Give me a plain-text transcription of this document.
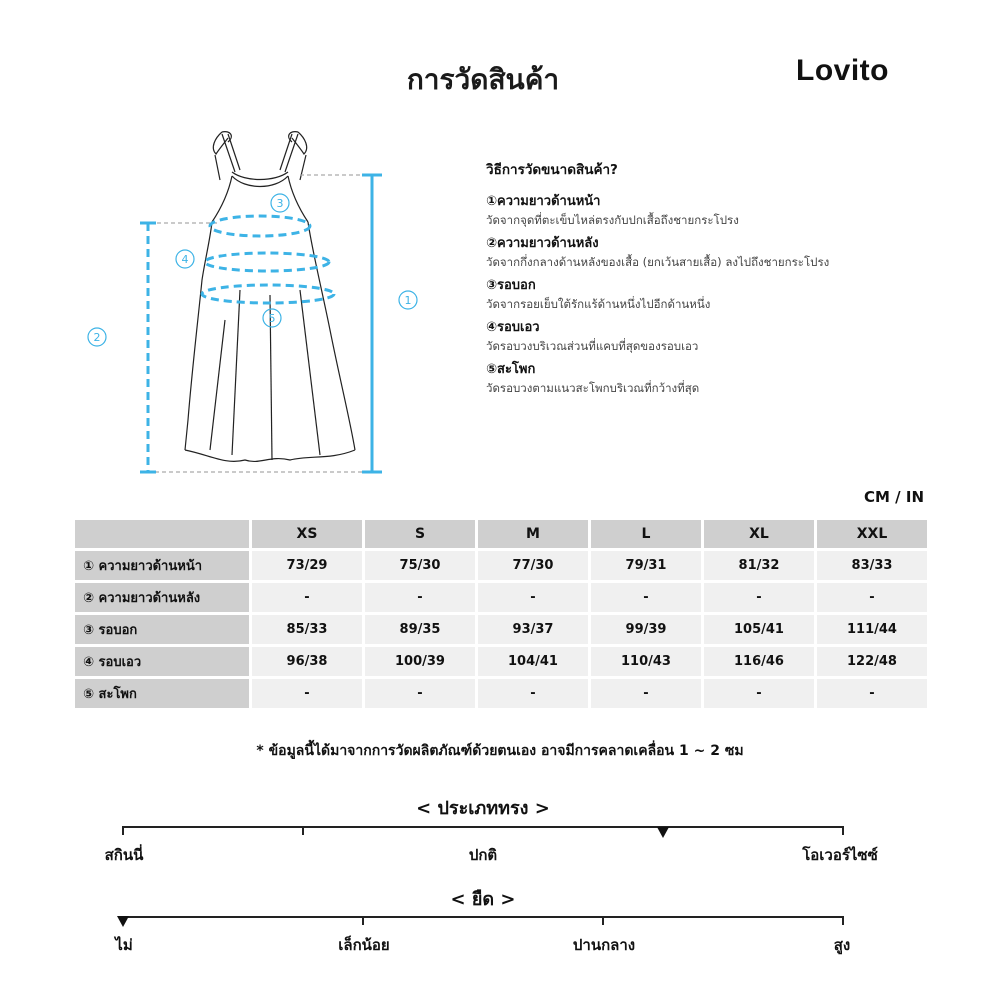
การวัดสินค้า	Lovito
1
2
3
4
5
วิธีการวัดขนาดสินค้า?
①ความยาวด้านหน้า
วัดจากจุดที่ตะเข็บไหล่ตรงกับปกเสื้อถึงชายกระโปรง
②ความยาวด้านหลัง
วัดจากกึ่งกลางด้านหลังของเสื้อ (ยกเว้นสายเสื้อ) ลงไปถึงชายกระโปรง
③รอบอก
วัดจากรอยเย็บใต้รักแร้ด้านหนึ่งไปอีกด้านหนึ่ง
④รอบเอว
วัดรอบวงบริเวณส่วนที่แคบที่สุดของรอบเอว
⑤สะโพก
วัดรอบวงตามแนวสะโพกบริเวณที่กว้างที่สุด
CM / IN
	XS	S	M	L	XL	XXL
① ความยาวด้านหน้า	73/29	75/30	77/30	79/31	81/32	83/33
② ความยาวด้านหลัง	-	-	-	-	-	-
③ รอบอก	85/33	89/35	93/37	99/39	105/41	111/44
④ รอบเอว	96/38	100/39	104/41	110/43	116/46	122/48
⑤ สะโพก	-	-	-	-	-	-
* ข้อมูลนี้ได้มาจากการวัดผลิตภัณฑ์ด้วยตนเอง อาจมีการคลาดเคลื่อน 1 ~ 2 ซม
< ประเภททรง >
สกินนี่	ปกติ	โอเวอร์ไซซ์
< ยืด >
ไม่	เล็กน้อย	ปานกลาง	สูง
